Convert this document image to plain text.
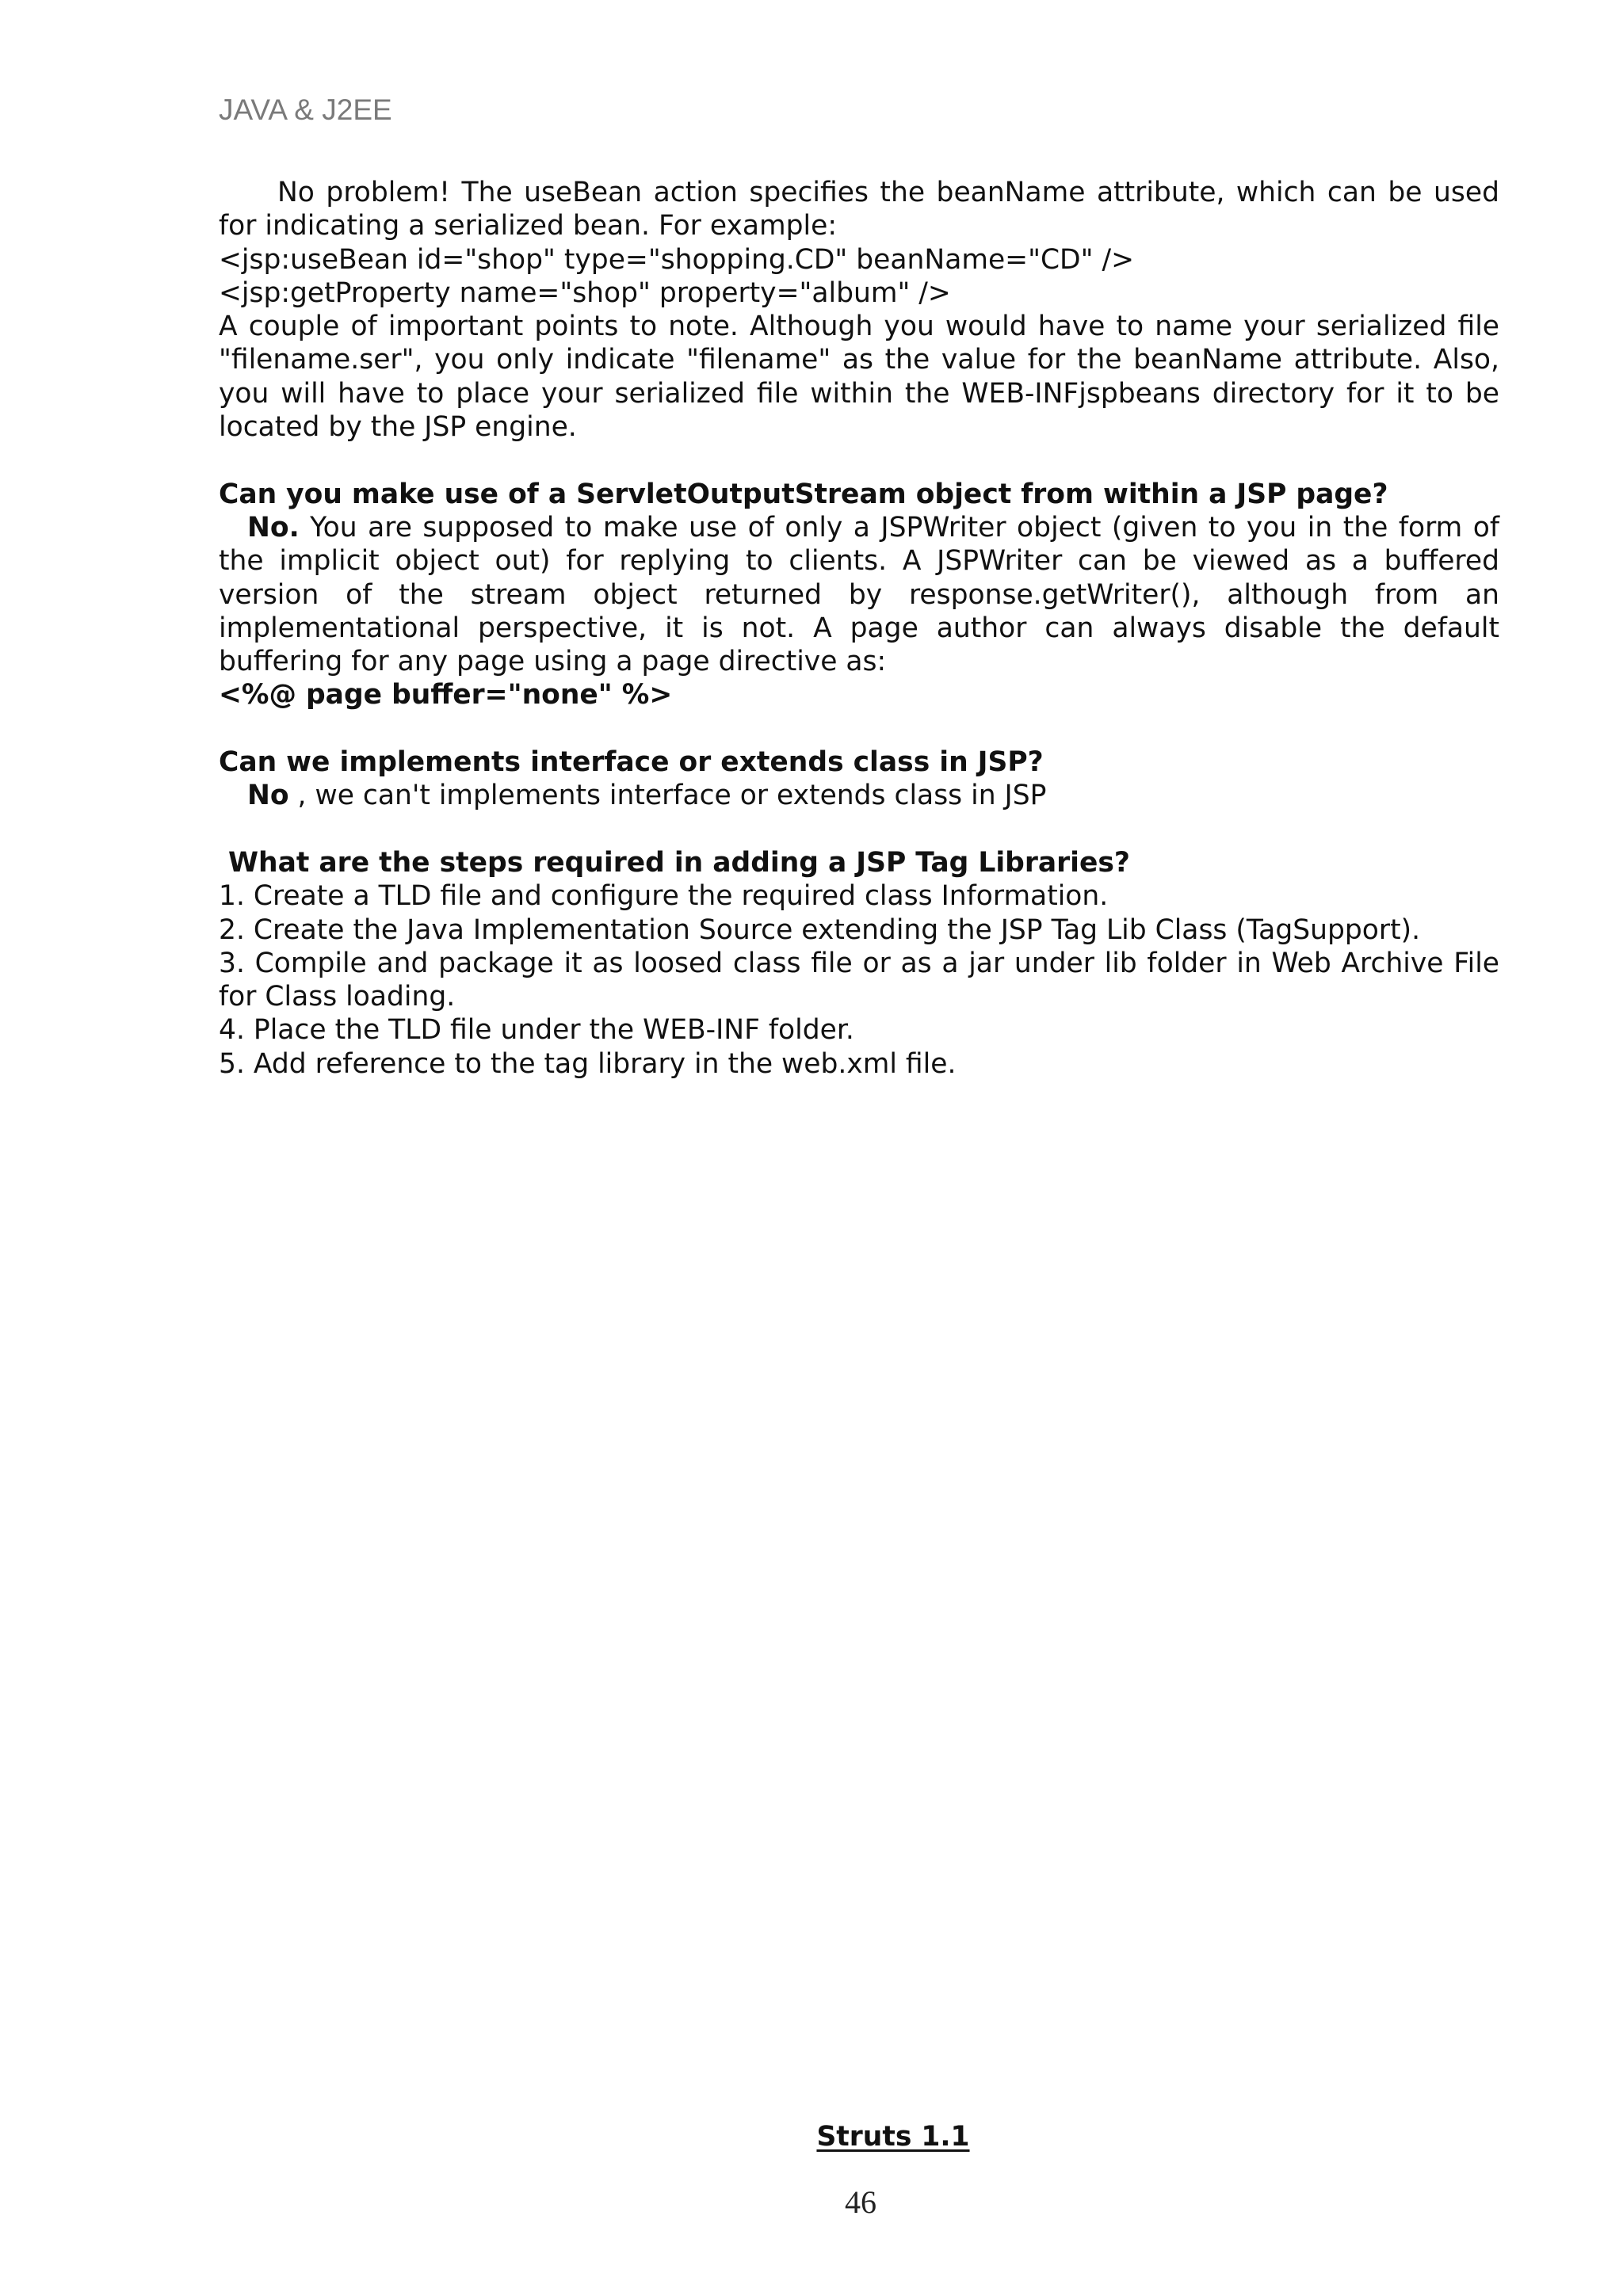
JAVA & J2EE

No problem! The useBean action specifies the beanName attribute, which can be used for indicating a serialized bean. For example:

<jsp:useBean id="shop" type="shopping.CD" beanName="CD" />

<jsp:getProperty name="shop" property="album" />

A couple of important points to note. Although you would have to name your serialized file "filename.ser", you only indicate "filename" as the value for the beanName attribute. Also, you will have to place your serialized file within the WEB-INFjspbeans directory for it to be located by the JSP engine.

Can you make use of a ServletOutputStream object from within a JSP page?

No. You are supposed to make use of only a JSPWriter object (given to you in the form of the implicit object out) for replying to clients. A JSPWriter can be viewed as a buffered version of the stream object returned by response.getWriter(), although from an implementational perspective, it is not. A page author can always disable the default buffering for any page using a page directive as:

<%@ page buffer="none" %>

Can we implements interface or extends class in JSP?

No , we can't implements interface or extends class in JSP

What are the steps required in adding a JSP Tag Libraries?

1. Create a TLD file and configure the required class Information.

2. Create the Java Implementation Source extending the JSP Tag Lib Class (TagSupport).

3. Compile and package it as loosed class file or as a jar under lib folder in Web Archive File for Class loading.

4. Place the TLD file under the WEB-INF folder.

5. Add reference to the tag library in the web.xml file.

Struts 1.1
46
